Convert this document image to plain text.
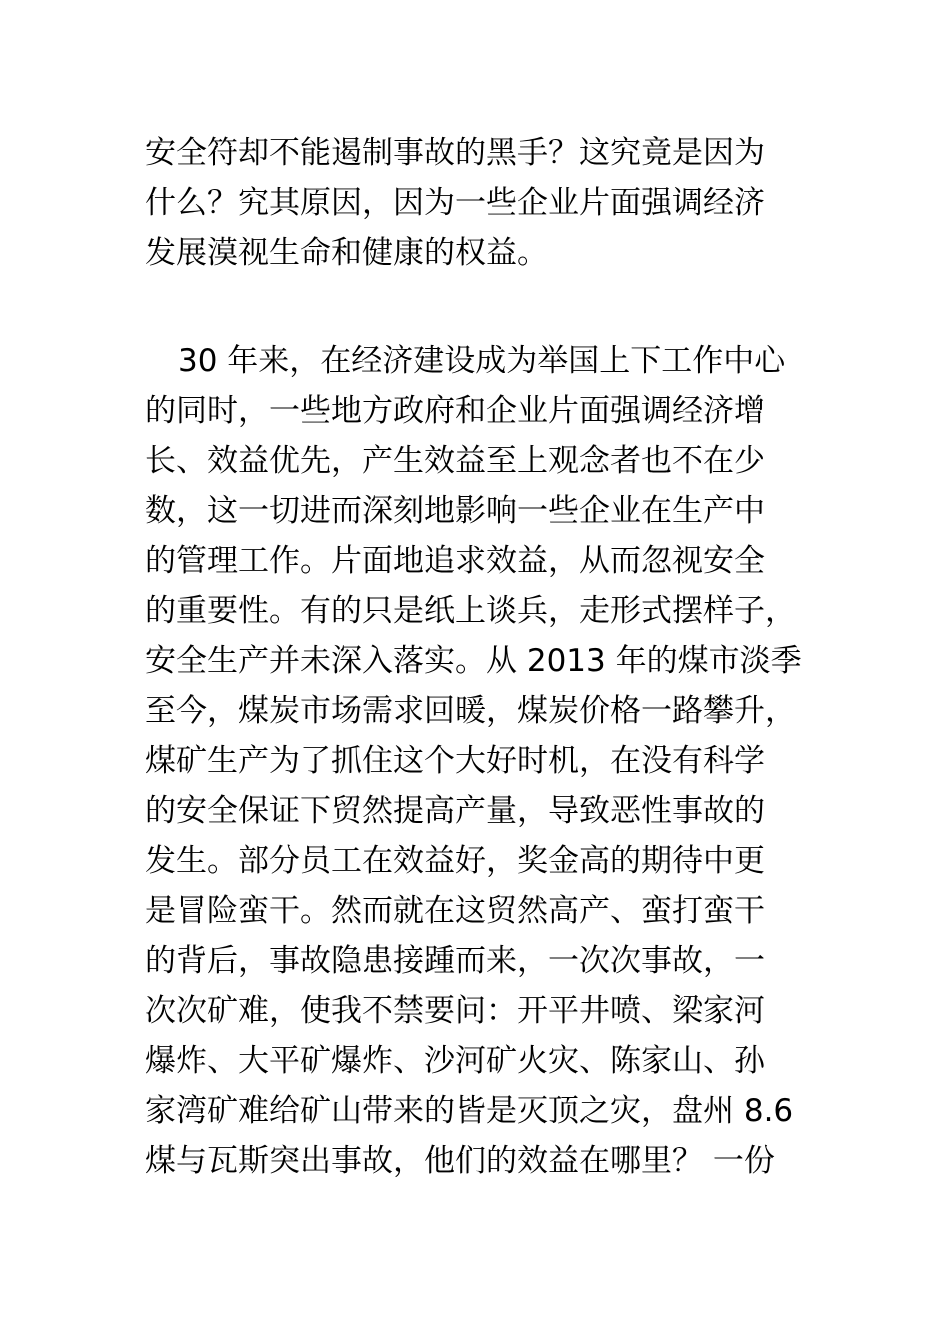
安全符却不能遏制事故的黑手？这究竟是因为
什么？究其原因，因为一些企业片面强调经济
发展漠视生命和健康的权益。
30 年来，在经济建设成为举国上下工作中心
的同时，一些地方政府和企业片面强调经济增
长、效益优先，产生效益至上观念者也不在少
数，这一切进而深刻地影响一些企业在生产中
的管理工作。片面地追求效益，从而忽视安全
的重要性。有的只是纸上谈兵，走形式摆样子，
安全生产并未深入落实。从 2013 年的煤市淡季
至今，煤炭市场需求回暖，煤炭价格一路攀升，
煤矿生产为了抓住这个大好时机，在没有科学
的安全保证下贸然提高产量，导致恶性事故的
发生。部分员工在效益好，奖金高的期待中更
是冒险蛮干。然而就在这贸然高产、蛮打蛮干
的背后，事故隐患接踵而来，一次次事故，一
次次矿难，使我不禁要问：开平井喷、梁家河
爆炸、大平矿爆炸、沙河矿火灾、陈家山、孙
家湾矿难给矿山带来的皆是灭顶之灾，盘州 8.6
煤与瓦斯突出事故，他们的效益在哪里？ 一份
